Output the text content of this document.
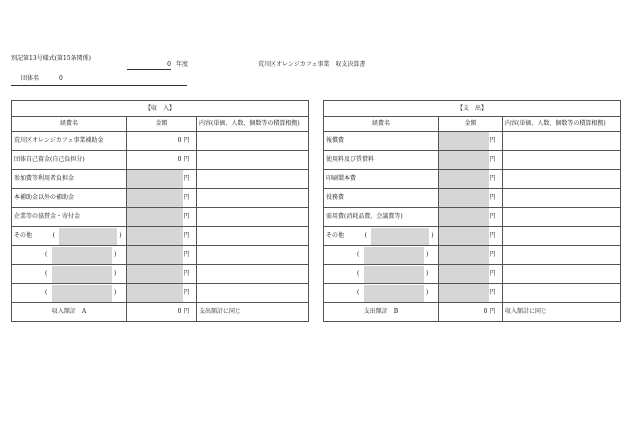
別記第13号様式(第15条関係)
0 年度	荒川区オレンジカフェ事業　収支決算書
団体名	0
【収　入】			
経費名	金額		内容(単価、人数、個数等の積算根拠)
荒川区オレンジカフェ事業補助金	0	円	
団体自己資金(自己負担分)	0	円	
参加費等利用者負担金		円	
本補助金以外の補助金		円	
企業等の協賛金・寄付金		円	

その他 ( )		円	

( )		円	

( )		円	

( )		円	
収入額計　A	0	円	支出額計に同じ
【支　出】			
経費名	金額		内容(単価、人数、個数等の積算根拠)
報償費		円	
使用料及び賃借料		円	
印刷製本費		円	
役務費		円	
需用費(消耗品費、会議費等)		円	

その他 ( )		円	

( )		円	

( )		円	

( )		円	
支出額計　B	0	円	収入額計に同じ
